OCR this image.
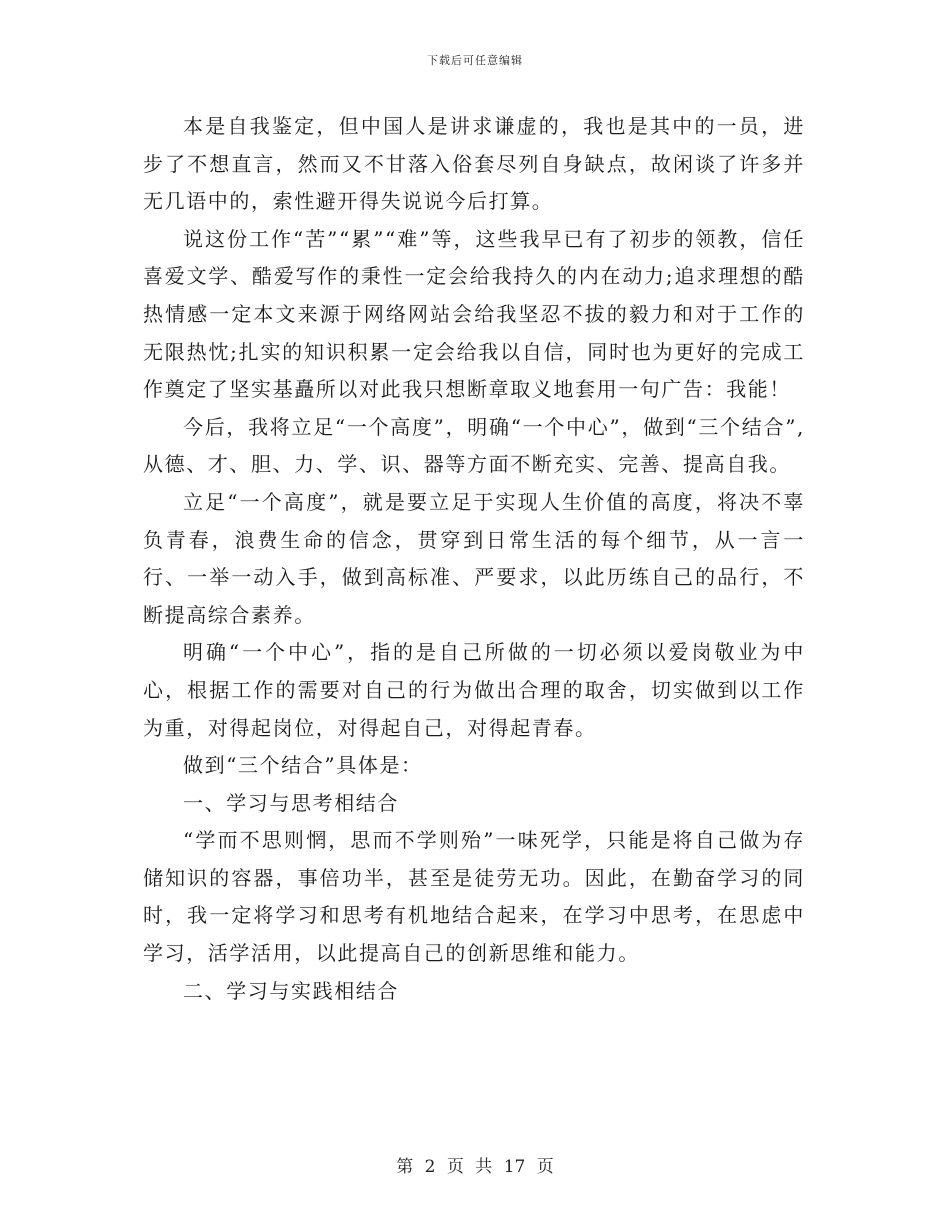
下载后可任意编辑

本是自我鉴定，但中国人是讲求谦虚的，我也是其中的一员，进步了不想直言，然而又不甘落入俗套尽列自身缺点，故闲谈了许多并无几语中的，索性避开得失说说今后打算。

说这份工作“苦”“累”“难”等，这些我早已有了初步的领教，信任喜爱文学、酷爱写作的秉性一定会给我持久的内在动力;追求理想的酷热情感一定本文来源于网络网站会给我坚忍不拔的毅力和对于工作的无限热忱;扎实的知识积累一定会给我以自信，同时也为更好的完成工作奠定了坚实基矗所以对此我只想断章取义地套用一句广告：我能！

今后，我将立足“一个高度”，明确“一个中心”，做到“三个结合”,从德、才、胆、力、学、识、器等方面不断充实、完善、提高自我。

立足“一个高度”，就是要立足于实现人生价值的高度，将决不辜负青春，浪费生命的信念，贯穿到日常生活的每个细节，从一言一行、一举一动入手，做到高标准、严要求，以此历练自己的品行，不断提高综合素养。

明确“一个中心”，指的是自己所做的一切必须以爱岗敬业为中心，根据工作的需要对自己的行为做出合理的取舍，切实做到以工作为重，对得起岗位，对得起自己，对得起青春。

做到“三个结合”具体是：

一、学习与思考相结合

“学而不思则惘，思而不学则殆”一味死学，只能是将自己做为存储知识的容器，事倍功半，甚至是徒劳无功。因此，在勤奋学习的同时，我一定将学习和思考有机地结合起来，在学习中思考，在思虑中学习，活学活用，以此提高自己的创新思维和能力。

二、学习与实践相结合

第 2 页 共 17 页
